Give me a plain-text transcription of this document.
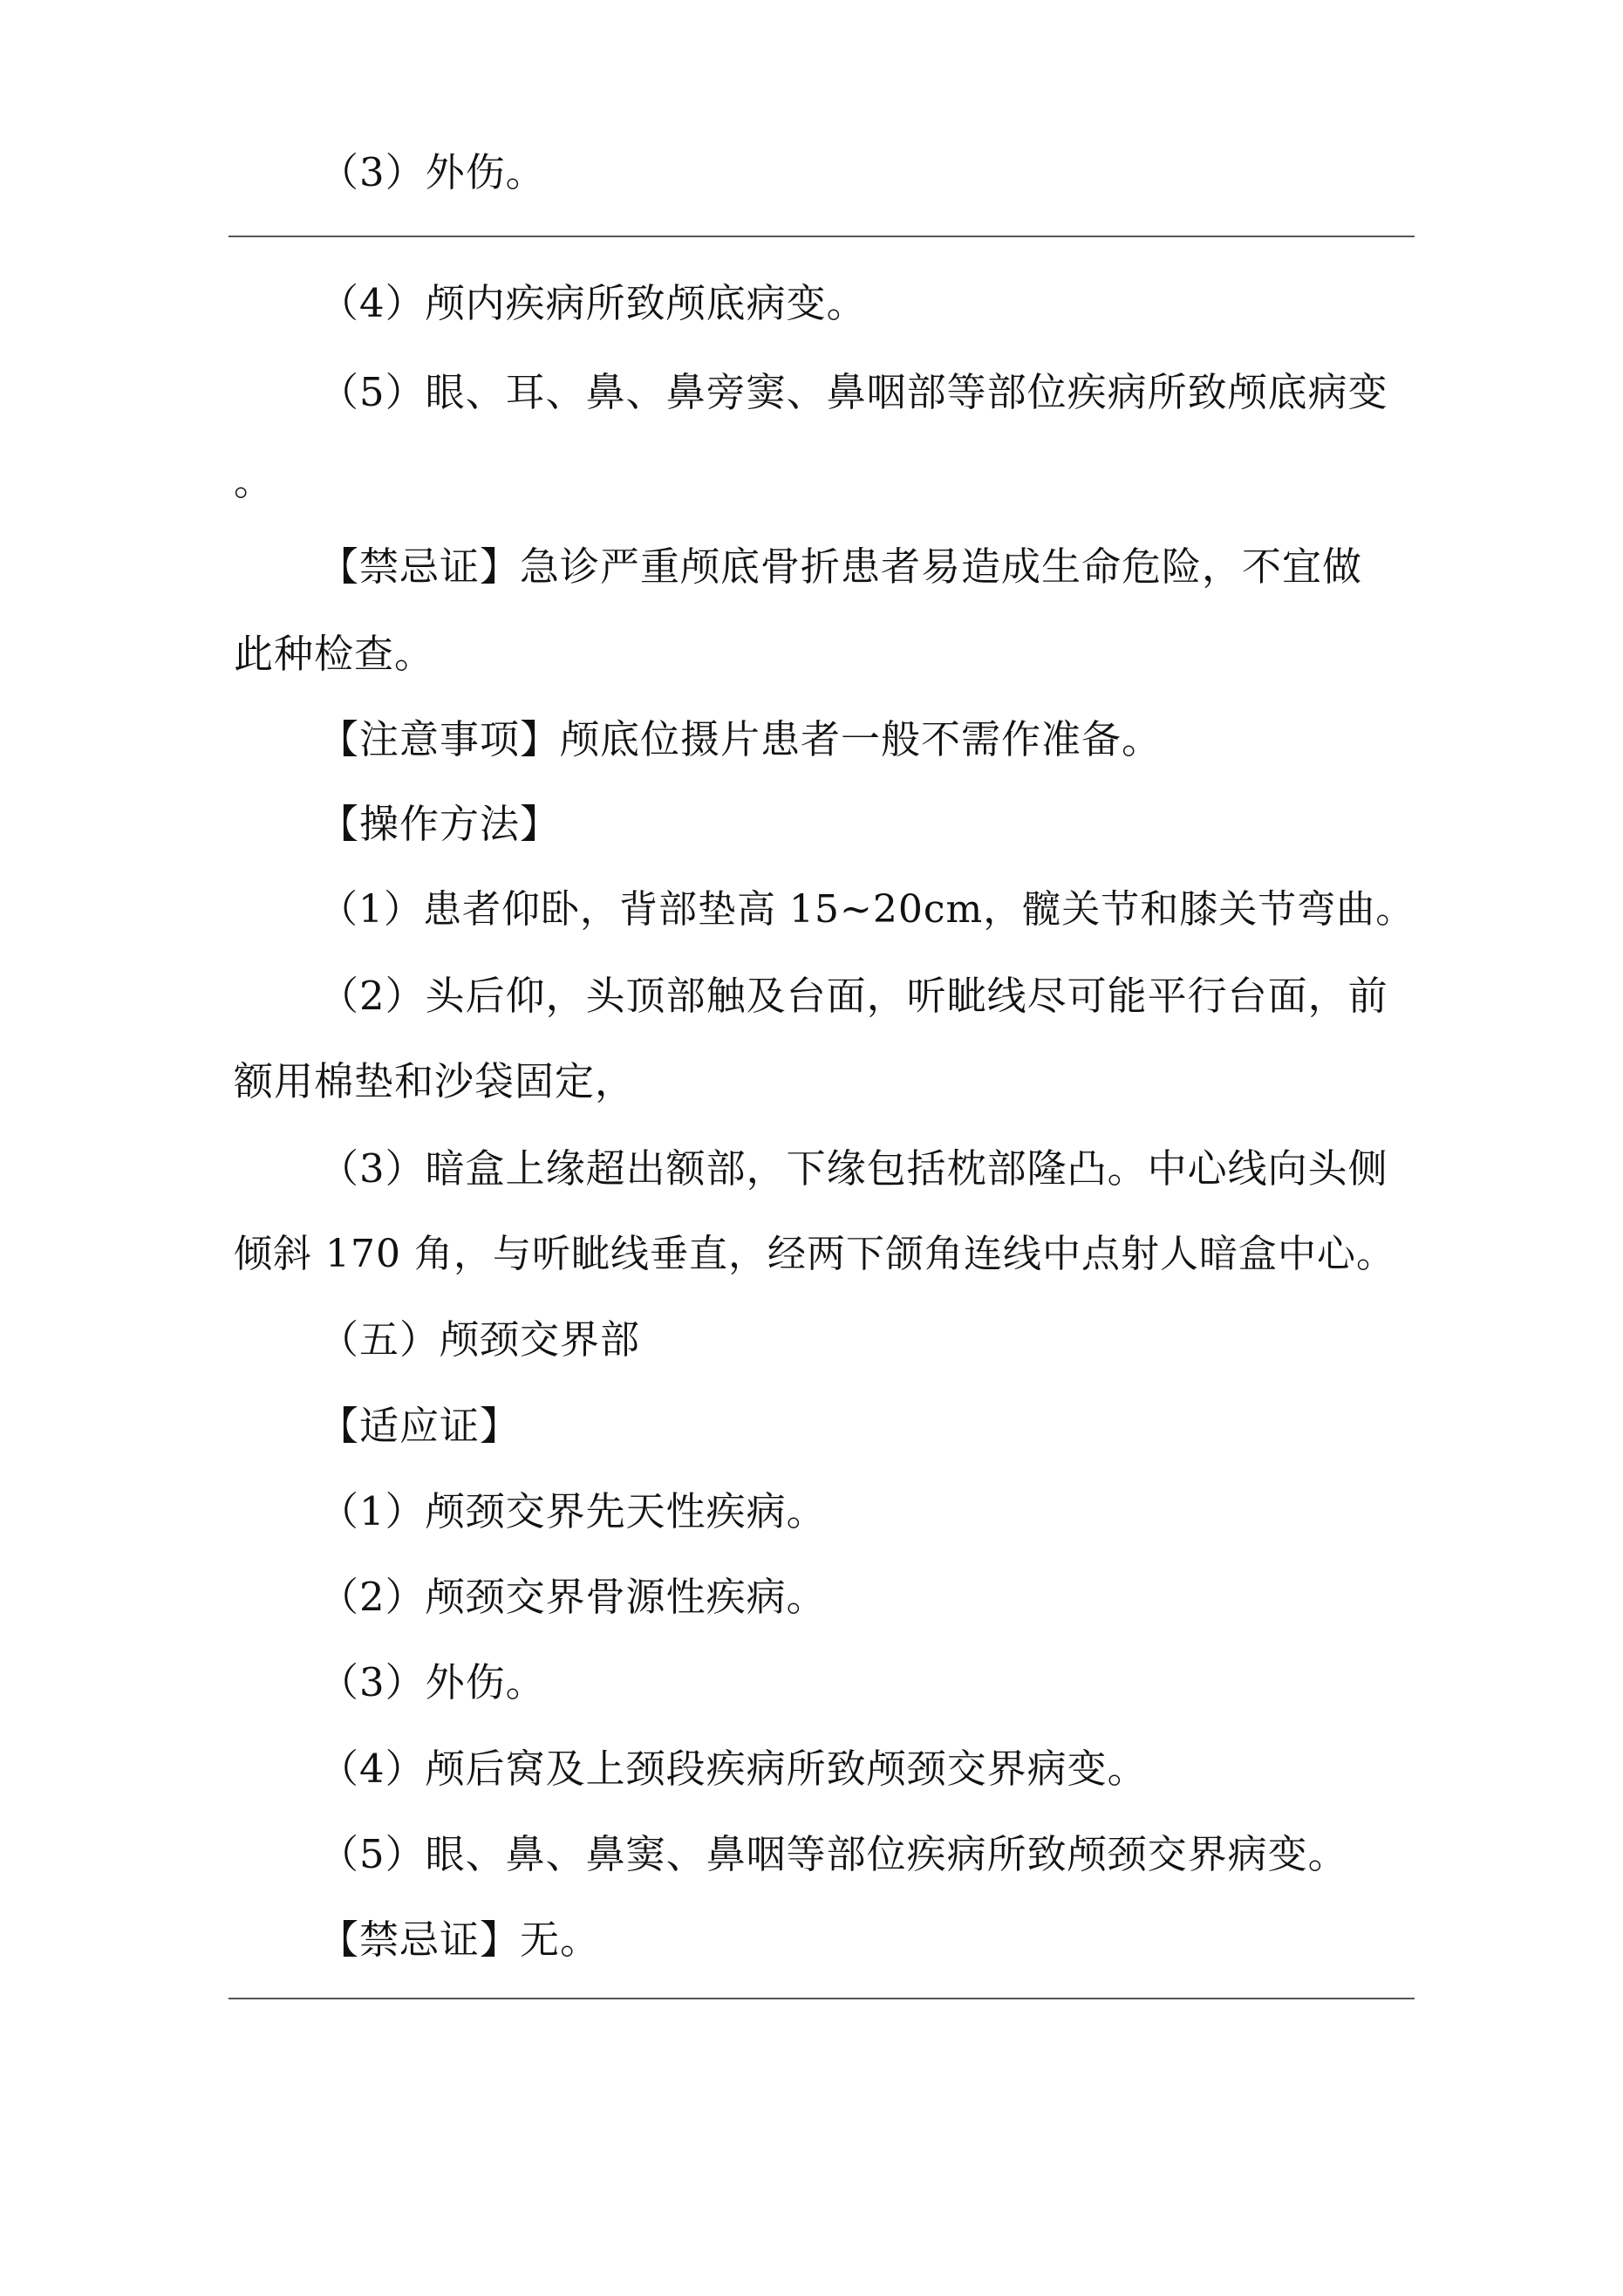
（3）外伤。
（4）颅内疾病所致颅底病变。
（5）眼、耳、鼻、鼻旁窦、鼻咽部等部位疾病所致颅底病变
。
【禁忌证】急诊严重颅底骨折患者易造成生命危险，不宜做
此种检查。
【注意事项】颅底位摄片患者一般不需作准备。
【操作方法】
（1）患者仰卧，背部垫高 15~20cm，髋关节和膝关节弯曲。
（2）头后仰，头顶部触及台面，听眦线尽可能平行台面，前
额用棉垫和沙袋固定，
（3）暗盒上缘超出额部，下缘包括枕部隆凸。中心线向头侧
倾斜 170 角，与听眦线垂直，经两下颌角连线中点射人暗盒中心。
（五）颅颈交界部
【适应证】
（1）颅颈交界先天性疾病。
（2）颅颈交界骨源性疾病。
（3）外伤。
（4）颅后窝及上颈段疾病所致颅颈交界病变。
（5）眼、鼻、鼻窦、鼻咽等部位疾病所致颅颈交界病变。
【禁忌证】无。
